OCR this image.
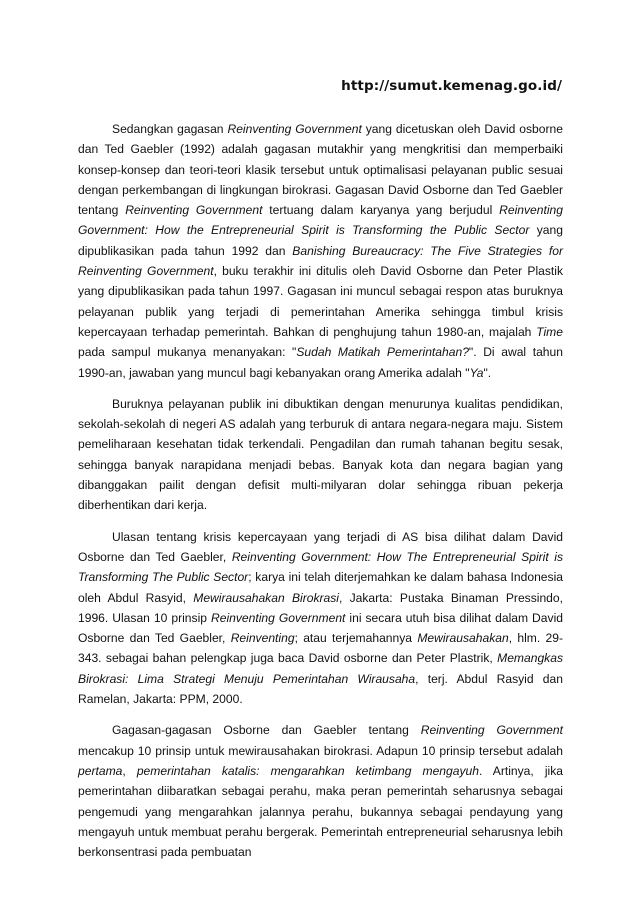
http://sumut.kemenag.go.id/

Sedangkan gagasan Reinventing Government yang dicetuskan oleh David osborne dan Ted Gaebler (1992) adalah gagasan mutakhir yang mengkritisi dan memperbaiki konsep-konsep dan teori-teori klasik tersebut untuk optimalisasi pelayanan public sesuai dengan perkembangan di lingkungan birokrasi. Gagasan David Osborne dan Ted Gaebler tentang Reinventing Government tertuang dalam karyanya yang berjudul Reinventing Government: How the Entrepreneurial Spirit is Transforming the Public Sector yang dipublikasikan pada tahun 1992 dan Banishing Bureaucracy: The Five Strategies for Reinventing Government, buku terakhir ini ditulis oleh David Osborne dan Peter Plastik yang dipublikasikan pada tahun 1997. Gagasan ini muncul sebagai respon atas buruknya pelayanan publik yang terjadi di pemerintahan Amerika sehingga timbul krisis kepercayaan terhadap pemerintah. Bahkan di penghujung tahun 1980-an, majalah Time pada sampul mukanya menanyakan: "Sudah Matikah Pemerintahan?". Di awal tahun 1990-an, jawaban yang muncul bagi kebanyakan orang Amerika adalah "Ya".

Buruknya pelayanan publik ini dibuktikan dengan menurunya kualitas pendidikan, sekolah-sekolah di negeri AS adalah yang terburuk di antara negara-negara maju. Sistem pemeliharaan kesehatan tidak terkendali. Pengadilan dan rumah tahanan begitu sesak, sehingga banyak narapidana menjadi bebas. Banyak kota dan negara bagian yang dibanggakan pailit dengan defisit multi-milyaran dolar sehingga ribuan pekerja diberhentikan dari kerja.

Ulasan tentang krisis kepercayaan yang terjadi di AS bisa dilihat dalam David Osborne dan Ted Gaebler, Reinventing Government: How The Entrepreneurial Spirit is Transforming The Public Sector; karya ini telah diterjemahkan ke dalam bahasa Indonesia oleh Abdul Rasyid, Mewirausahakan Birokrasi, Jakarta: Pustaka Binaman Pressindo, 1996. Ulasan 10 prinsip Reinventing Government ini secara utuh bisa dilihat dalam David Osborne dan Ted Gaebler, Reinventing; atau terjemahannya Mewirausahakan, hlm. 29-343. sebagai bahan pelengkap juga baca David osborne dan Peter Plastrik, Memangkas Birokrasi: Lima Strategi Menuju Pemerintahan Wirausaha, terj. Abdul Rasyid dan Ramelan, Jakarta: PPM, 2000.

Gagasan-gagasan Osborne dan Gaebler tentang Reinventing Government mencakup 10 prinsip untuk mewirausahakan birokrasi. Adapun 10 prinsip tersebut adalah pertama, pemerintahan katalis: mengarahkan ketimbang mengayuh. Artinya, jika pemerintahan diibaratkan sebagai perahu, maka peran pemerintah seharusnya sebagai pengemudi yang mengarahkan jalannya perahu, bukannya sebagai pendayung yang mengayuh untuk membuat perahu bergerak. Pemerintah entrepreneurial seharusnya lebih berkonsentrasi pada pembuatan
